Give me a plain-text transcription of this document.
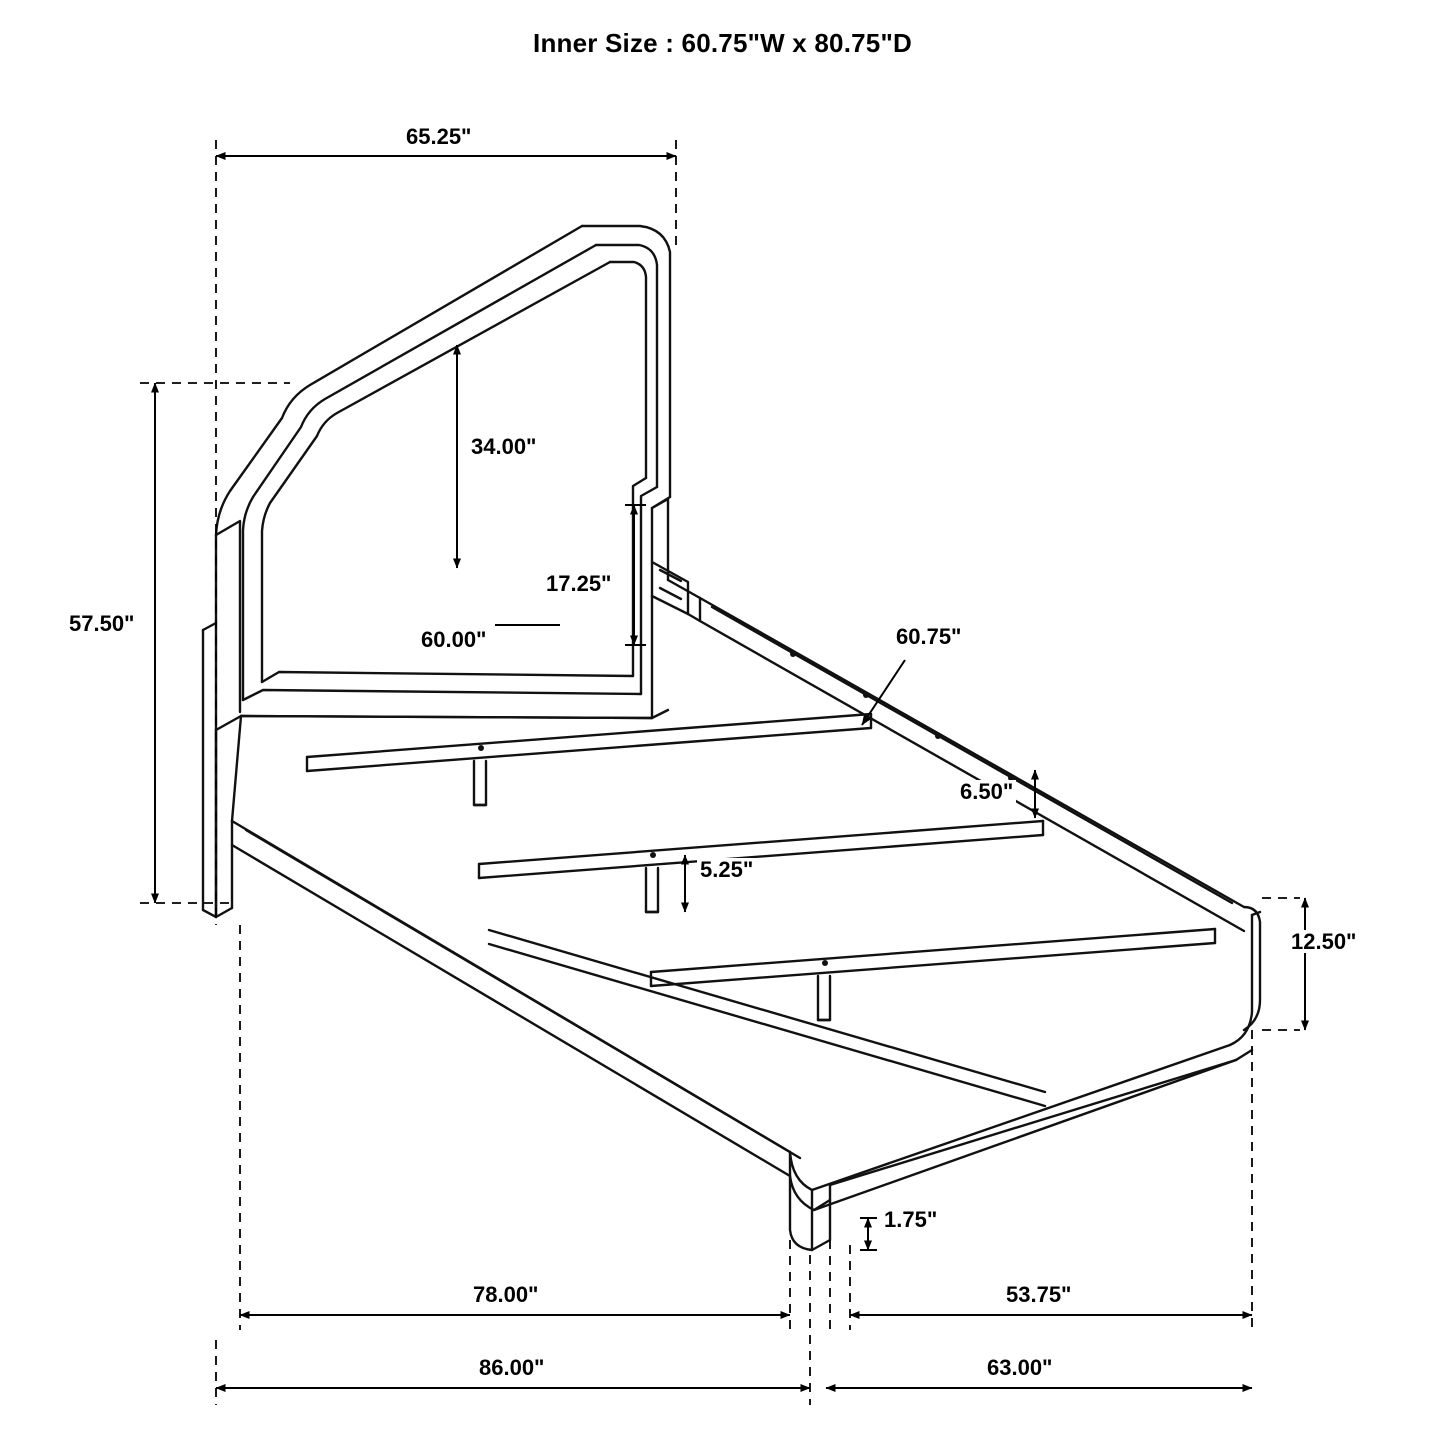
Inner Size : 60.75"W x 80.75"D
65.25"
34.00"
57.50"
17.25"
60.00"	60.75"
6.50"
5.25"
12.50"
1.75"
78.00"	53.75"
86.00"	63.00"
